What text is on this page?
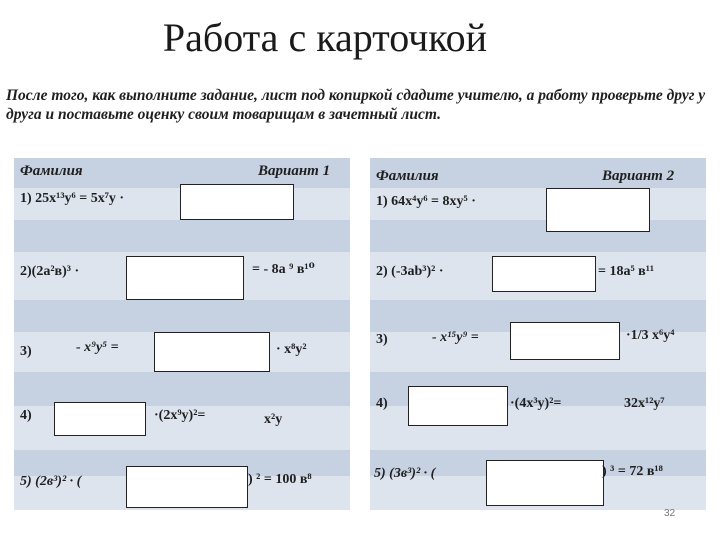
Работа с карточкой
После того, как выполните задание, лист под копиркой сдадите учителю, а работу проверьте друг у друга и поставьте оценку своим товарищам в зачетный лист.
Фамилия	Вариант 1
1) 25x¹³y⁶ = 5x⁷y ·
2)(2a²в)³ ·	= - 8a ⁹ в¹⁰
3)	- x⁹y⁵ =	· x⁸y²
4)	·(2x⁹y)²=	x²y
5) (2в³)² · (	) ² = 100 в⁸
Фамилия	Вариант 2
1) 64x⁴y⁶ = 8xy⁵ ·
2) (-3ab³)² ·	= 18a⁵ в¹¹
3)	- x¹⁵y⁹ =	·1/3 x⁶y⁴
4)	·(4x³y)²=	32x¹²y⁷
5) (3в³)² · (	) ³ = 72 в¹⁸
32
